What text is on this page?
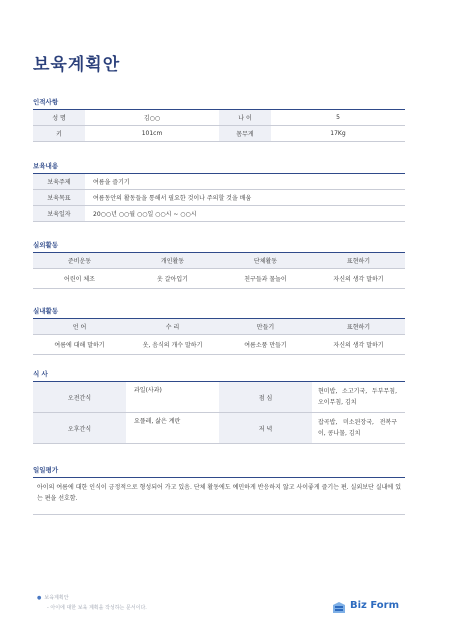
보육계획안
인적사항
성 명	김○○	나 이	5
키	101cm	몸무게	17Kg
보육내용
보육주제	여름을 즐기기
보육목표	여름동안의 활동들을 통해서 필요한 것이나 주의할 것을 배움
보육일자	20○○년 ○○월 ○○일 ○○시 ~ ○○시
실외활동
준비운동	개인활동	단체활동	표현하기
어린이 체조	옷 갈아입기	친구들과 물놀이	자신의 생각 말하기
실내활동
언 어	수 리	만들기	표현하기
여름에 대해 말하기	옷, 음식의 개수 말하기	여름소품 만들기	자신의 생각 말하기
식 사
오전간식	과일(사과)	점 심	현미밥, 소고기국, 두부무침, 오이무침, 김치
오후간식	요플레, 삶은 계란	저 녁	잡곡밥, 미소된장국, 전복구이, 콩나물, 김치
일일평가
아이의 여름에 대한 인식이 긍정적으로 형성되어 가고 있음. 단체 활동에도 예민하게 반응하지 않고 사이좋게 즐기는 편. 실외보단 실내에 있는 편을 선호함.
● 보육계획안
- 아이에 대한 보육 계획을 작성하는 문서이다.	Biz Form
